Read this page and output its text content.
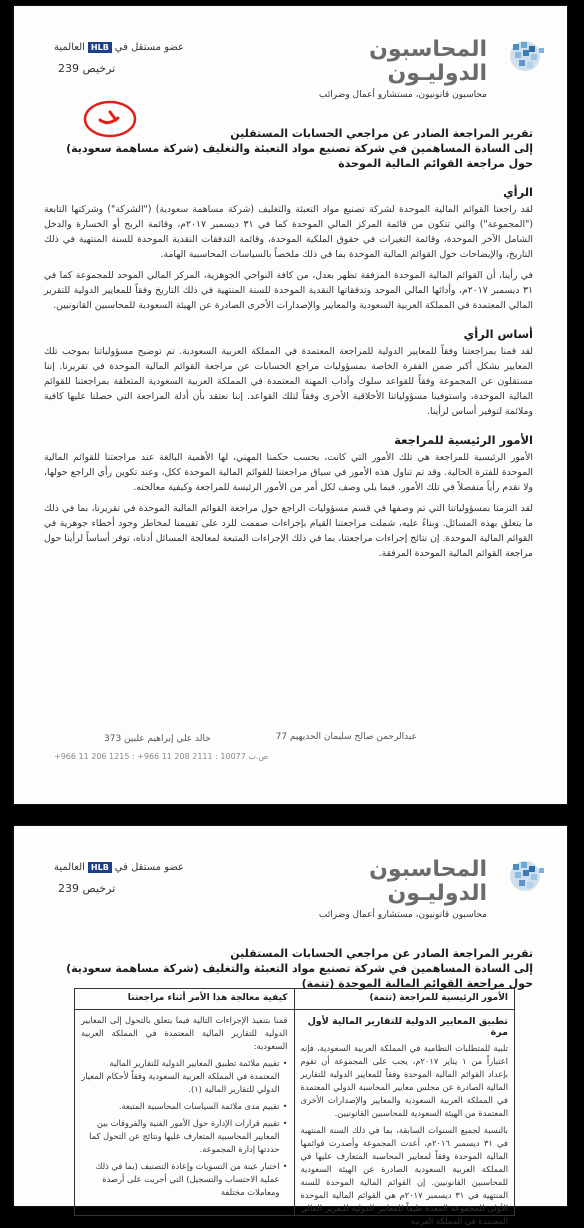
المحاسبون
الدوليـون
محاسبون قانونيون، مستشارو أعمال وضرائب
عضو مستقل فيHLBالعالمية
ترخيص 239
تقرير المراجعة الصادر عن مراجعي الحسابات المستقلين
إلى السادة المساهمين في شركة تصنيع مواد التعبئة والتغليف (شركة مساهمة سعودية)
حول مراجعة القوائم المالية الموحدة
الرأي
لقد راجعنا القوائم المالية الموحدة لشركة تصنيع مواد التعبئة والتغليف (شركة مساهمة سعودية) ("الشركة") وشركتها التابعة ("المجموعة") والتي تتكون من قائمة المركز المالي الموحدة كما في ٣١ ديسمبر ٢٠١٧م، وقائمة الربح أو الخسارة والدخل الشامل الآخر الموحدة، وقائمة التغيرات في حقوق الملكية الموحدة، وقائمة التدفقات النقدية الموحدة للسنة المنتهية في ذلك التاريخ، والإيضاحات حول القوائم المالية الموحدة بما في ذلك ملخصاً بالسياسات المحاسبية الهامة.
في رأينا، أن القوائم المالية الموحدة المرفقة تظهر بعدل، من كافة النواحي الجوهرية، المركز المالي الموحد للمجموعة كما في ٣١ ديسمبر ٢٠١٧م، وأدائها المالي الموحد وتدفقاتها النقدية الموحدة للسنة المنتهية في ذلك التاريخ وفقاً للمعايير الدولية للتقرير المالي المعتمدة في المملكة العربية السعودية والمعايير والإصدارات الأخرى الصادرة عن الهيئة السعودية للمحاسبين القانونيين.
أساس الرأي
لقد قمنا بمراجعتنا وفقاً للمعايير الدولية للمراجعة المعتمدة في المملكة العربية السعودية. تم توضيح مسؤولياتنا بموجب تلك المعايير بشكل أكبر ضمن الفقرة الخاصة بمسؤوليات مراجع الحسابات عن مراجعة القوائم المالية الموحدة في تقريرنا. إننا مستقلون عن المجموعة وفقاً للقواعد سلوك وآداب المهنة المعتمدة في المملكة العربية السعودية المتعلقة بمراجعتنا للقوائم المالية الموحدة، واستوفينا مسؤولياتنا الأخلاقية الأخرى وفقاً لتلك القواعد. إننا نعتقد بأن أدلة المراجعة التي حصلنا عليها كافية وملائمة لتوفير أساس لرأينا.
الأمور الرئيسية للمراجعة
الأمور الرئيسية للمراجعة هي تلك الأمور التي كانت، بحسب حكمنا المهني، لها الأهمية البالغة عند مراجعتنا للقوائم المالية الموحدة للفترة الحالية. وقد تم تناول هذه الأمور في سياق مراجعتنا للقوائم المالية الموحدة ككل، وعند تكوين رأي الراجع حولها، ولا نقدم رأياً منفصلاً في تلك الأمور. فيما يلي وصف لكل أمر من الأمور الرئيسة للمراجعة وكيفية معالجته.
لقد التزمنا بمسؤولياتنا التي تم وصفها في قسم مسؤوليات الراجع حول مراجعة القوائم المالية الموحدة في تقريرنا، بما في ذلك ما يتعلق بهذه المسائل. وبناءً عليه، شملت مراجعتنا القيام بإجراءات صممت للرد على تقييمنا لمخاطر وجود أخطاء جوهرية في القوائم المالية الموحدة. إن نتائج إجراءات مراجعتنا، بما في ذلك الإجراءات المتبعة لمعالجة المسائل أدناه، توفر أساساً لرأينا حول مراجعة القوائم المالية الموحدة المرفقة.
عبدالرحمن صالح سليمان الحديهيم 77
خالد علي إبراهيم علبين 373
+966 11 206 1215 : +966 11 208 2111 : ص.ب 10077
المحاسبون
الدوليـون
محاسبون قانونيون، مستشارو أعمال وضرائب
عضو مستقل فيHLBالعالمية
ترخيص 239
تقرير المراجعة الصادر عن مراجعي الحسابات المستقلين
إلى السادة المساهمين في شركة تصنيع مواد التعبئة والتغليف (شركة مساهمة سعودية)
حول مراجعة القوائم المالية الموحدة (تتمة)
الأمور الرئيسية للمراجعة (تتمة)
تطبيق المعايير الدولية للتقارير المالية لأول مرة
تلبية للمتطلبات النظامية في المملكة العربية السعودية، فإنه اعتباراً من ١ يناير ٢٠١٧م، يجب على المجموعة أن تقوم بإعداد القوائم المالية الموحدة وفقاً للمعايير الدولية للتقارير المالية الصادرة عن مجلس معايير المحاسبة الدولي المعتمدة في المملكة العربية السعودية والمعايير والإصدارات الأخرى المعتمدة من الهيئة السعودية للمحاسبين القانونيين.
بالنسبة لجميع السنوات السابقة، بما في ذلك السنة المنتهية في ٣١ ديسمبر ٢٠١٦م، أعدت المجموعة وأصدرت قوائمها المالية الموحدة وفقاً لمعايير المحاسبة المتعارف عليها في المملكة العربية السعودية الصادرة عن الهيئة السعودية للمحاسبين القانونيين. إن القوائم المالية الموحدة للسنة المنتهية في ٣١ ديسمبر ٢٠١٧م هي القوائم المالية الموحدة الأولى للمجموعة المعدة طبقاً للمعايير الدولية للتقرير المالي المعتمدة في المملكة العربية
كيفية معالجة هذا الأمر أثناء مراجعتنا
قمنا بتنفيذ الإجراءات التالية فيما يتعلق بالتحول إلى المعايير الدولية للتقارير المالية المعتمدة في المملكة العربية السعودية:
• تقييم ملائمة تطبيق المعايير الدولية للتقارير المالية المعتمدة في المملكة العربية السعودية وفقاً لأحكام المعيار الدولي للتقارير المالية (١).
• تقييم مدى ملائمة السياسات المحاسبية المتبعة.
• تقييم قرارات الإدارة حول الأمور الفنية والفروقات بين المعايير المحاسبية المتعارف عليها ونتائج عن التحول كما حددتها إدارة المجموعة.
• اختبار عينة من التسويات وإعادة التصنيف (بما في ذلك عملية الاحتساب والتسجيل) التي أجريت على أرصدة ومعاملات مختلفة
